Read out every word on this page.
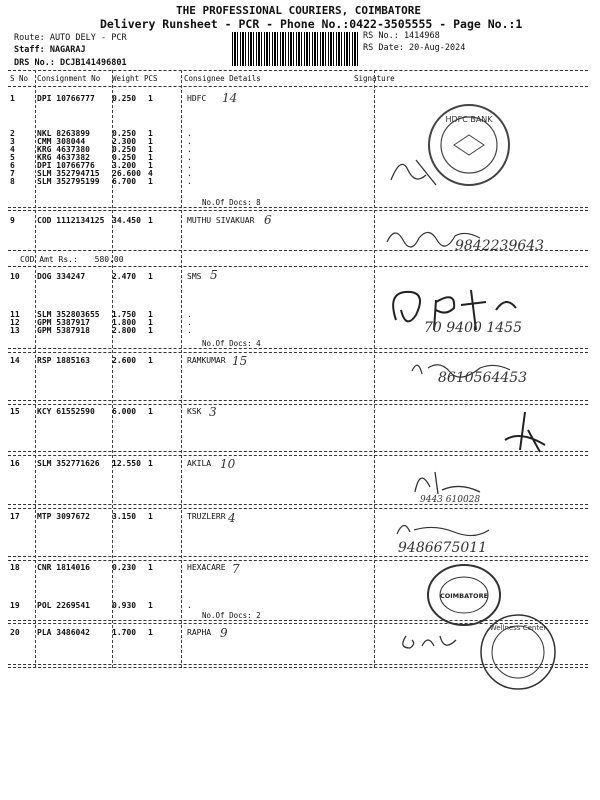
THE PROFESSIONAL COURIERS, COIMBATORE
Delivery Runsheet - PCR - Phone No.:0422-3505555 - Page No.:1
Route: AUTO DELY - PCR
Staff: NAGARAJ
DRS No.: DCJB141496801
RS No.: 1414968
RS Date: 20-Aug-2024
S No Consignment No Weight PCS	Consignee Details	Signature
1	DPI 10766777 0.250 1	HDFC
2	NKL 8263899	0.250 1	.
3	CMM 308044	2.300 1	.
4	KRG 4637380	0.250 1	.
5	KRG 4637382	0.250 1	.
6	DPI 10766776 3.200 1	.
7	SLM 352794715 26.600 4	.
8	SLM 352795199 6.700 1	.
9	COD 1112134125 34.450 1	MUTHU SIVAKUAR
10 DOG 334247	2.470 1	SMS
11 SLM 352803655 1.750 1	.
12 GPM 5387917	1.800 1	.
13 GPM 5387918	2.800 1	.
14 RSP 1885163	2.600 1	RAMKUMAR
15 KCY 61552590 6.000 1	KSK
16 SLM 352771626 12.550 1	AKILA
17 MTP 3097672	3.150 1	TRUZLERR
18 CNR 1814016	0.230 1	HEXACARE
19 POL 2269541	0.930 1	.
20 PLA 3486042	1.700 1	RAPHA
No.Of Docs: 8
No.Of Docs: 4
No.Of Docs: 2
COD Amt Rs.: 580.00
14
6
5
15
3
10
4
7
9
HDFC BANK
9842239643
70 9400 1455
8610564453
9443 610028
9486675011
COIMBATORE
Wellness Center
